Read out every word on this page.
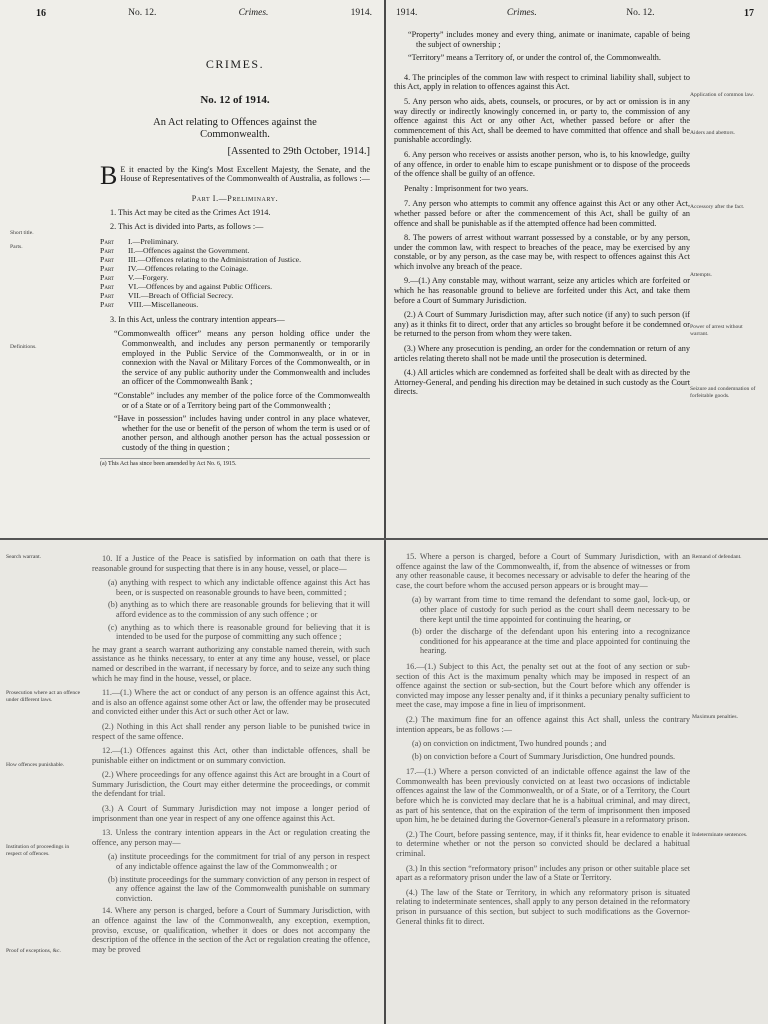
16	No. 12.	Crimes.	1914.
Short title.
Parts.
Definitions.
CRIMES.
No. 12 of 1914.
An Act relating to Offences against the Commonwealth.
[Assented to 29th October, 1914.]
B E it enacted by the King's Most Excellent Majesty, the Senate, and the House of Representatives of the Commonwealth of Australia, as follows :—
Part I.—Preliminary.

1. This Act may be cited as the Crimes Act 1914.

2. This Act is divided into Parts, as follows :—

Part	I.—Preliminary.
Part	II.—Offences against the Government.
Part	III.—Offences relating to the Administration of Justice.
Part	IV.—Offences relating to the Coinage.
Part	V.—Forgery.
Part	VI.—Offences by and against Public Officers.
Part	VII.—Breach of Official Secrecy.
Part	VIII.—Miscellaneous.

3. In this Act, unless the contrary intention appears—

“Commonwealth officer” means any person holding office under the Commonwealth, and includes any person permanently or temporarily employed in the Public Service of the Commonwealth, or in or in connexion with the Naval or Military Forces of the Commonwealth, or in the service of any public authority under the Commonwealth and includes an officer of the Commonwealth Bank ;

“Constable” includes any member of the police force of the Commonwealth or of a State or of a Territory being part of the Commonwealth ;

“Have in possession” includes having under control in any place whatever, whether for the use or benefit of the person of whom the term is used or of another person, and although another person has the actual possession or custody of the thing in question ;

(a) This Act has since been amended by Act No. 6, 1915.
1914.	Crimes.	No. 12.	17
Application of common law.
Aiders and abettors.
Accessory after the fact.
Attempts.
Power of arrest without warrant.
Seizure and condemnation of forfeitable goods.

“Property” includes money and every thing, animate or inanimate, capable of being the subject of ownership ;

“Territory” means a Territory of, or under the control of, the Commonwealth.

4. The principles of the common law with respect to criminal liability shall, subject to this Act, apply in relation to offences against this Act.

5. Any person who aids, abets, counsels, or procures, or by act or omission is in any way directly or indirectly knowingly concerned in, or party to, the commission of any offence against this Act or any other Act, whether passed before or after the commencement of this Act, shall be deemed to have committed that offence and shall be punishable accordingly.

6. Any person who receives or assists another person, who is, to his knowledge, guilty of any offence, in order to enable him to escape punishment or to dispose of the proceeds of the offence shall be guilty of an offence.

Penalty : Imprisonment for two years.

7. Any person who attempts to commit any offence against this Act or any other Act, whether passed before or after the commencement of this Act, shall be guilty of an offence and shall be punishable as if the attempted offence had been committed.

8. The powers of arrest without warrant possessed by a constable, or by any person, under the common law, with respect to breaches of the peace, may be exercised by any constable, or by any person, as the case may be, with respect to offences against this Act which involve any breach of the peace.

9.—(1.) Any constable may, without warrant, seize any articles which are forfeited or which he has reasonable ground to believe are forfeited under this Act, and take them before a Court of Summary Jurisdiction.

(2.) A Court of Summary Jurisdiction may, after such notice (if any) to such person (if any) as it thinks fit to direct, order that any articles so brought before it be condemned or be returned to the person from whom they were taken.

(3.) Where any prosecution is pending, an order for the condemnation or return of any articles relating thereto shall not be made until the prosecution is determined.

(4.) All articles which are condemned as forfeited shall be dealt with as directed by the Attorney-General, and pending his direction may be detained in such custody as the Court directs.

Search warrant.
Prosecution where act an offence under different laws.
How offences punishable.
Institution of proceedings in respect of offences.
Proof of exceptions, &c.

10. If a Justice of the Peace is satisfied by information on oath that there is reasonable ground for suspecting that there is in any house, vessel, or place—

(a) anything with respect to which any indictable offence against this Act has been, or is suspected on reasonable grounds to have been, committed ;

(b) anything as to which there are reasonable grounds for believing that it will afford evidence as to the commission of any such offence ; or

(c) anything as to which there is reasonable ground for believing that it is intended to be used for the purpose of committing any such offence ;

he may grant a search warrant authorizing any constable named therein, with such assistance as he thinks necessary, to enter at any time any house, vessel, or place named or described in the warrant, if necessary by force, and to seize any such thing which he may find in the house, vessel, or place.

11.—(1.) Where the act or conduct of any person is an offence against this Act, and is also an offence against some other Act or law, the offender may be prosecuted and convicted either under this Act or such other Act or law.

(2.) Nothing in this Act shall render any person liable to be punished twice in respect of the same offence.

12.—(1.) Offences against this Act, other than indictable offences, shall be punishable either on indictment or on summary conviction.

(2.) Where proceedings for any offence against this Act are brought in a Court of Summary Jurisdiction, the Court may either determine the proceedings, or commit the defendant for trial.

(3.) A Court of Summary Jurisdiction may not impose a longer period of imprisonment than one year in respect of any one offence against this Act.

13. Unless the contrary intention appears in the Act or regulation creating the offence, any person may—

(a) institute proceedings for the commitment for trial of any person in respect of any indictable offence against the law of the Commonwealth ; or

(b) institute proceedings for the summary conviction of any person in respect of any offence against the law of the Commonwealth punishable on summary conviction.

14. Where any person is charged, before a Court of Summary Jurisdiction, with an offence against the law of the Commonwealth, any exception, exemption, proviso, excuse, or qualification, whether it does or does not accompany the description of the offence in the section of the Act or regulation creating the offence, may be proved

Remand of defendant.
Maximum penalties.
Indeterminate sentences.

15. Where a person is charged, before a Court of Summary Jurisdiction, with an offence against the law of the Commonwealth, if, from the absence of witnesses or from any other reasonable cause, it becomes necessary or advisable to defer the hearing of the case, the court before whom the accused person appears or is brought may—

(a) by warrant from time to time remand the defendant to some gaol, lock-up, or other place of custody for such period as the court shall deem necessary to be there kept until the time appointed for continuing the hearing, or

(b) order the discharge of the defendant upon his entering into a recognizance conditioned for his appearance at the time and place appointed for continuing the hearing.

16.—(1.) Subject to this Act, the penalty set out at the foot of any section or sub-section of this Act is the maximum penalty which may be imposed in respect of an offence against the section or sub-section, but the Court before which any offender is convicted may impose any lesser penalty and, if it thinks a pecuniary penalty sufficient to meet the case, may impose a fine in lieu of imprisonment.

(2.) The maximum fine for an offence against this Act shall, unless the contrary intention appears, be as follows :—

(a) on conviction on indictment, Two hundred pounds ; and

(b) on conviction before a Court of Summary Jurisdiction, One hundred pounds.

17.—(1.) Where a person convicted of an indictable offence against the law of the Commonwealth has been previously convicted on at least two occasions of indictable offences against the law of the Commonwealth, or of a State, or of a Territory, the Court before which he is convicted may declare that he is a habitual criminal, and may direct, as part of his sentence, that on the expiration of the term of imprisonment then imposed upon him, he be detained during the Governor-General's pleasure in a reformatory prison.

(2.) The Court, before passing sentence, may, if it thinks fit, hear evidence to enable it to determine whether or not the person so convicted should be declared a habitual criminal.

(3.) In this section “reformatory prison” includes any prison or other suitable place set apart as a reformatory prison under the law of a State or Territory.

(4.) The law of the State or Territory, in which any reformatory prison is situated relating to indeterminate sentences, shall apply to any person detained in the reformatory prison in pursuance of this section, but subject to such modifications as the Governor-General thinks fit to direct.
